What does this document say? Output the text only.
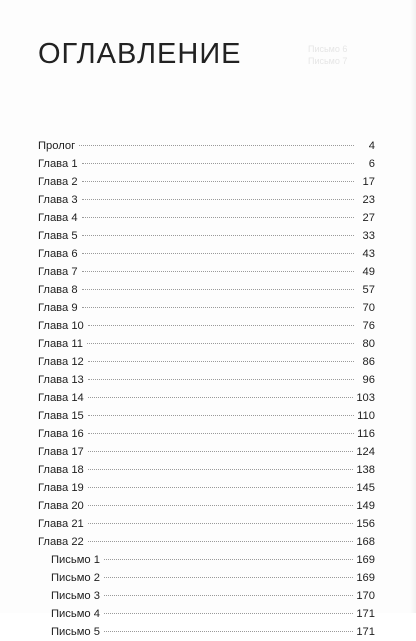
Письмо 6
Письмо 7
ОГЛАВЛЕНИЕ
Пролог	4
Глава 1	6
Глава 2	17
Глава 3	23
Глава 4	27
Глава 5	33
Глава 6	43
Глава 7	49
Глава 8	57
Глава 9	70
Глава 10	76
Глава 11	80
Глава 12	86
Глава 13	96
Глава 14	103
Глава 15	110
Глава 16	116
Глава 17	124
Глава 18	138
Глава 19	145
Глава 20	149
Глава 21	156
Глава 22	168
Письмо 1	169
Письмо 2	169
Письмо 3	170
Письмо 4	171
Письмо 5	171
